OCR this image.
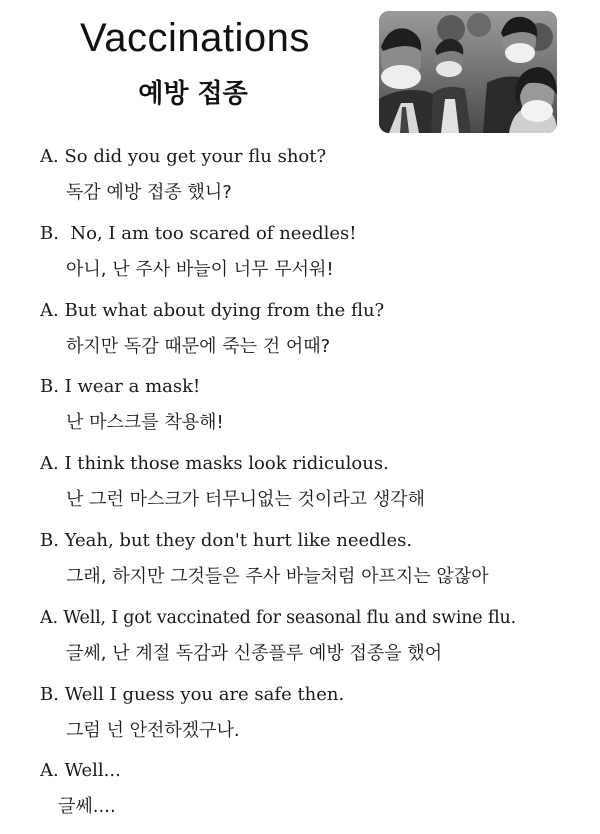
Vaccinations
예방 접종
A. So did you get your flu shot?
독감 예방 접종 했니?
B. No, I am too scared of needles!
아니, 난 주사 바늘이 너무 무서워!
A. But what about dying from the flu?
하지만 독감 때문에 죽는 건 어때?
B. I wear a mask!
난 마스크를 착용해!
A. I think those masks look ridiculous.
난 그런 마스크가 터무니없는 것이라고 생각해
B. Yeah, but they don't hurt like needles.
그래, 하지만 그것들은 주사 바늘처럼 아프지는 않잖아
A. Well, I got vaccinated for seasonal flu and swine flu.
글쎄, 난 계절 독감과 신종플루 예방 접종을 했어
B. Well I guess you are safe then.
그럼 넌 안전하겠구나.
A. Well...
글쎄....
